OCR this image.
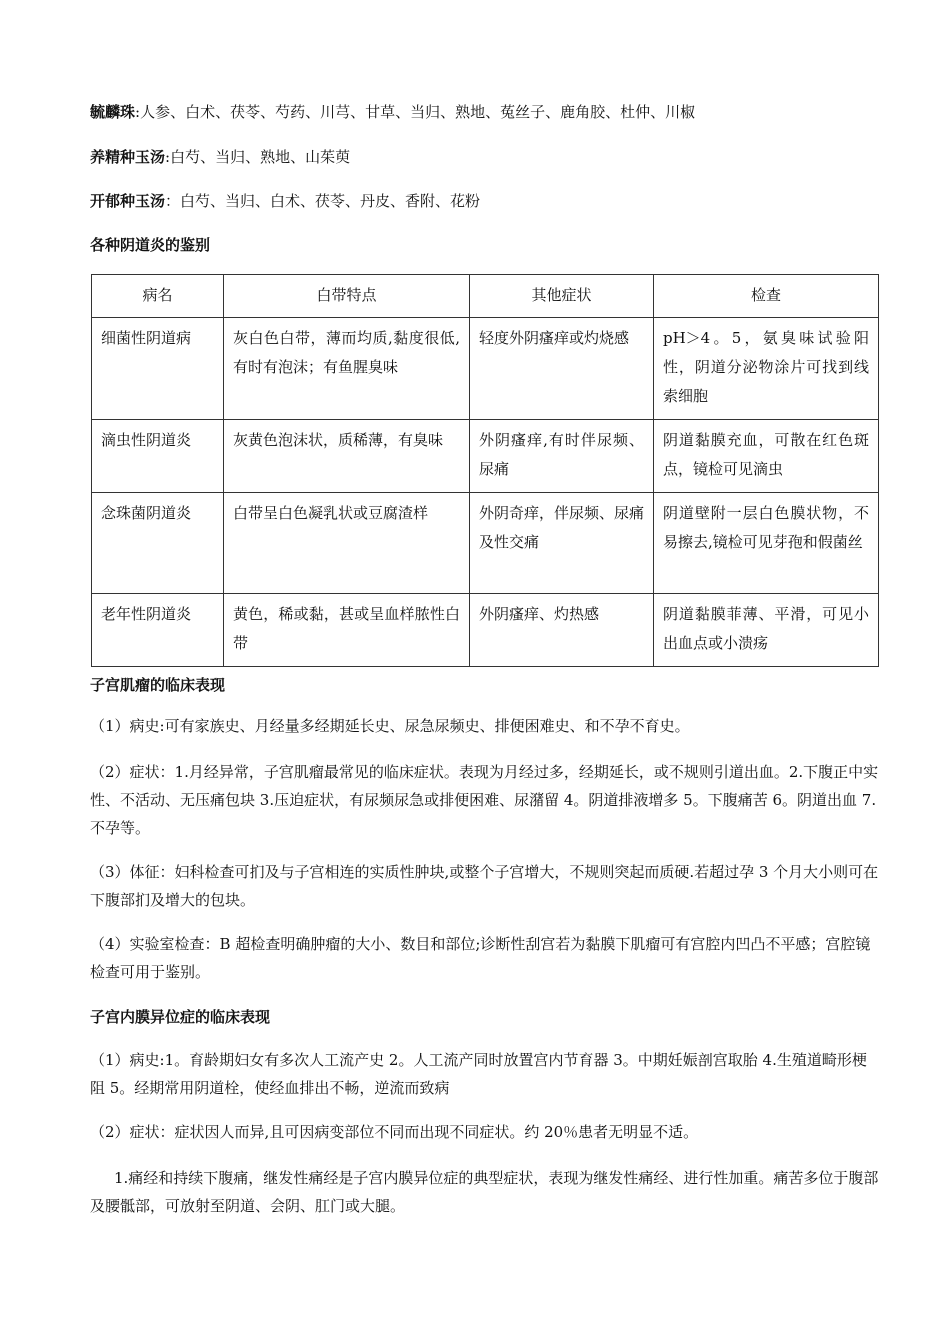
毓麟珠:人参、白术、茯苓、芍药、川芎、甘草、当归、熟地、菟丝子、鹿角胶、杜仲、川椒
养精种玉汤:白芍、当归、熟地、山茱萸
开郁种玉汤：白芍、当归、白术、茯苓、丹皮、香附、花粉
各种阴道炎的鉴别
病名	白带特点	其他症状	检查
细菌性阴道病	灰白色白带，薄而均质,黏度很低,有时有泡沫；有鱼腥臭味	轻度外阴瘙痒或灼烧感	pH＞4。5，氨臭味试验阳性，阴道分泌物涂片可找到线索细胞
滴虫性阴道炎	灰黄色泡沫状，质稀薄，有臭味	外阴瘙痒,有时伴尿频、尿痛	阴道黏膜充血，可散在红色斑点，镜检可见滴虫
念珠菌阴道炎	白带呈白色凝乳状或豆腐渣样	外阴奇痒，伴尿频、尿痛及性交痛	阴道壁附一层白色膜状物，不易擦去,镜检可见芽孢和假菌丝
老年性阴道炎	黄色，稀或黏，甚或呈血样脓性白带	外阴瘙痒、灼热感	阴道黏膜菲薄、平滑，可见小出血点或小溃疡
子宫肌瘤的临床表现
（1）病史:可有家族史、月经量多经期延长史、尿急尿频史、排便困难史、和不孕不育史。
（2）症状：1.月经异常，子宫肌瘤最常见的临床症状。表现为月经过多，经期延长，或不规则引道出血。2.下腹正中实性、不活动、无压痛包块 3.压迫症状，有尿频尿急或排便困难、尿潴留 4。阴道排液增多 5。下腹痛苦 6。阴道出血 7.不孕等。
（3）体征：妇科检查可扪及与子宫相连的实质性肿块,或整个子宫增大，不规则突起而质硬.若超过孕 3 个月大小则可在下腹部扪及增大的包块。
（4）实验室检查：B 超检查明确肿瘤的大小、数目和部位;诊断性刮宫若为黏膜下肌瘤可有宫腔内凹凸不平感；宫腔镜检查可用于鉴别。
子宫内膜异位症的临床表现
（1）病史:1。育龄期妇女有多次人工流产史 2。人工流产同时放置宫内节育器 3。中期妊娠剖宫取胎 4.生殖道畸形梗阻 5。经期常用阴道栓，使经血排出不畅，逆流而致病
（2）症状：症状因人而异,且可因病变部位不同而出现不同症状。约 20％患者无明显不适。
1.痛经和持续下腹痛，继发性痛经是子宫内膜异位症的典型症状，表现为继发性痛经、进行性加重。痛苦多位于腹部及腰骶部，可放射至阴道、会阴、肛门或大腿。
